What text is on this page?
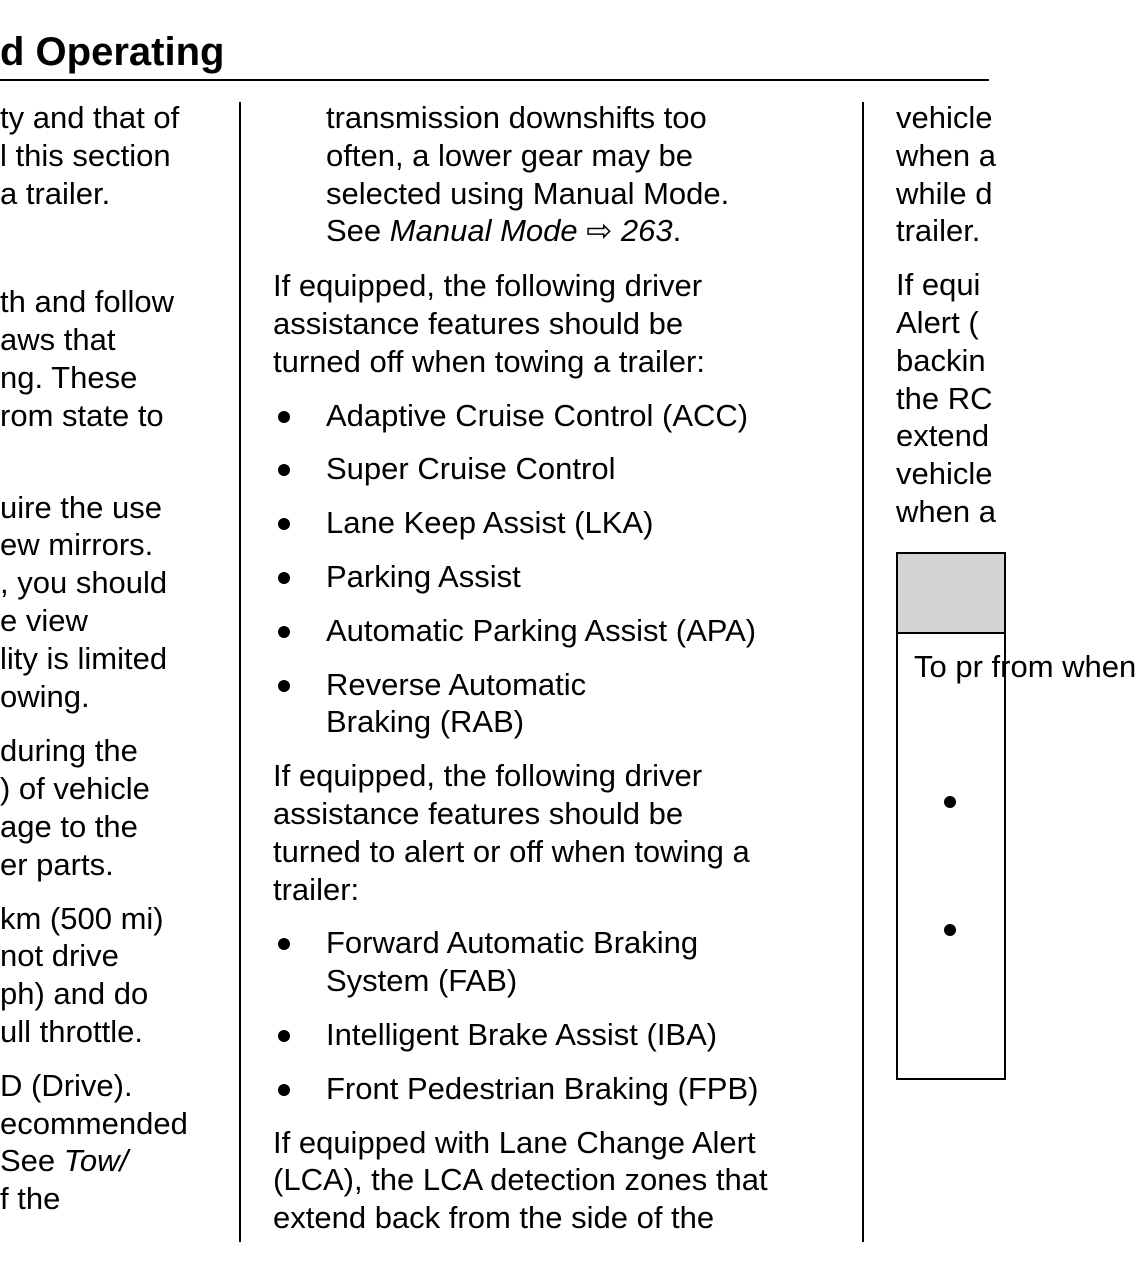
d Operating
ty and that of
l this section
a trailer.
th and follow
aws that
ng. These
rom state to
uire the use
ew mirrors.
, you should
e view
lity is limited
owing.
during the
) of vehicle
age to the
er parts.
km (500 mi)
not drive
ph) and do
ull throttle.
D (Drive).
ecommended
See Tow/
f the
transmission downshifts too
often, a lower gear may be
selected using Manual Mode.
See Manual Mode ⇨ 263.
If equipped, the following driver
assistance features should be
turned off when towing a trailer:
Adaptive Cruise Control (ACC)
Super Cruise Control
Lane Keep Assist (LKA)
Parking Assist
Automatic Parking Assist (APA)
Reverse Automatic
Braking (RAB)
If equipped, the following driver
assistance features should be
turned to alert or off when towing a
trailer:
Forward Automatic Braking
System (FAB)
Intelligent Brake Assist (IBA)
Front Pedestrian Braking (FPB)
If equipped with Lane Change Alert
(LCA), the LCA detection zones that
extend back from the side of the
vehicle
when a
while d
trailer.
If equi
Alert (
backin
the RC
extend
vehicle
when a
To pr from when
